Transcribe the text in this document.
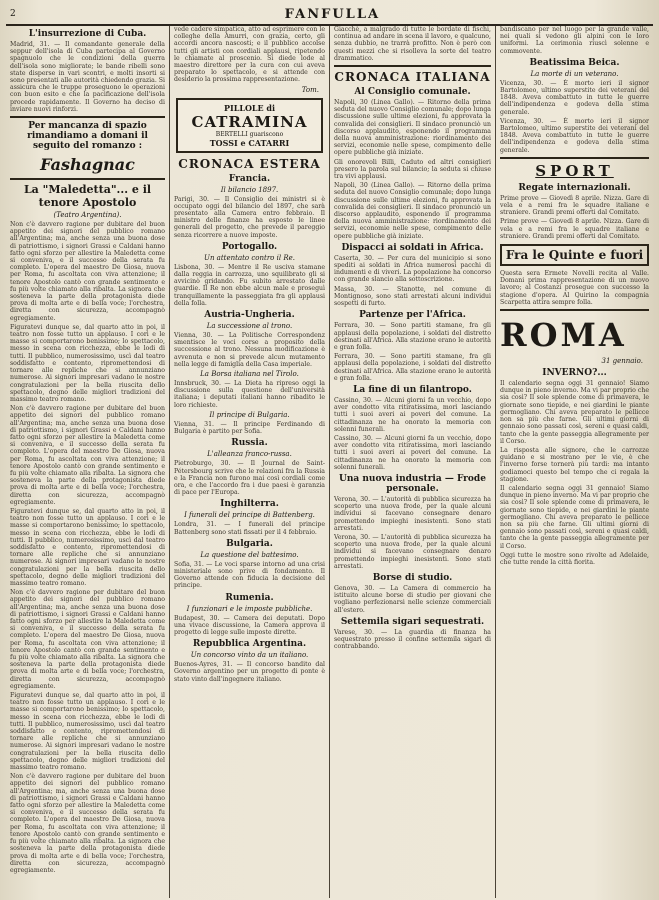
2	FANFULLA
L'insurrezione di Cuba.

Madrid, 31. — Il comandante generale della seppur dell'isola di Cuba partecipa al Governo spagnuolo che le condizioni della guerra dell'isola sono migliorate; le bande ribelli sono state disperse in vari scontri, e molti insorti si sono presentati alle autorità chiedendo grazia. Si assicura che le truppe proseguono le operazioni con buon esito e che la pacificazione dell'isola procede rapidamente. Il Governo ha deciso di inviare nuovi rinforzi.

Per mancanza di spazio rimandiamo a domani il seguito del romanzo :
Fashagnac
La "Maledetta"... e il tenore Apostolo
(Teatro Argentina).

Non c'è davvero ragione per dubitare del buon appetito dei signori del pubblico romano all'Argentina; ma, anche senza una buona dose di patriottismo, i signori Grassi e Caldani hanno fatto ogni sforzo per allestire la Maledetta come si conveniva, e il successo della serata fu completo. L'opera del maestro De Giosa, nuova per Roma, fu ascoltata con viva attenzione; il tenore Apostolo cantò con grande sentimento e fu più volte chiamato alla ribalta. La signora che sosteneva la parte della protagonista diede prova di molta arte e di bella voce; l'orchestra, diretta con sicurezza, accompagnò egregiamente.

Figuratevi dunque se, dal quarto atto in poi, il teatro non fosse tutto un applauso. I cori e le masse si comportarono benissimo; lo spettacolo, messo in scena con ricchezza, ebbe le lodi di tutti. Il pubblico, numerosissimo, uscì dal teatro soddisfatto e contento, ripromettendosi di tornare alle repliche che si annunziano numerose. Ai signori impresari vadano le nostre congratulazioni per la bella riuscita dello spettacolo, degno delle migliori tradizioni del massimo teatro romano.

Non c'è davvero ragione per dubitare del buon appetito dei signori del pubblico romano all'Argentina; ma, anche senza una buona dose di patriottismo, i signori Grassi e Caldani hanno fatto ogni sforzo per allestire la Maledetta come si conveniva, e il successo della serata fu completo. L'opera del maestro De Giosa, nuova per Roma, fu ascoltata con viva attenzione; il tenore Apostolo cantò con grande sentimento e fu più volte chiamato alla ribalta. La signora che sosteneva la parte della protagonista diede prova di molta arte e di bella voce; l'orchestra, diretta con sicurezza, accompagnò egregiamente.

Figuratevi dunque se, dal quarto atto in poi, il teatro non fosse tutto un applauso. I cori e le masse si comportarono benissimo; lo spettacolo, messo in scena con ricchezza, ebbe le lodi di tutti. Il pubblico, numerosissimo, uscì dal teatro soddisfatto e contento, ripromettendosi di tornare alle repliche che si annunziano numerose. Ai signori impresari vadano le nostre congratulazioni per la bella riuscita dello spettacolo, degno delle migliori tradizioni del massimo teatro romano.

Non c'è davvero ragione per dubitare del buon appetito dei signori del pubblico romano all'Argentina; ma, anche senza una buona dose di patriottismo, i signori Grassi e Caldani hanno fatto ogni sforzo per allestire la Maledetta come si conveniva, e il successo della serata fu completo. L'opera del maestro De Giosa, nuova per Roma, fu ascoltata con viva attenzione; il tenore Apostolo cantò con grande sentimento e fu più volte chiamato alla ribalta. La signora che sosteneva la parte della protagonista diede prova di molta arte e di bella voce; l'orchestra, diretta con sicurezza, accompagnò egregiamente.

Figuratevi dunque se, dal quarto atto in poi, il teatro non fosse tutto un applauso. I cori e le masse si comportarono benissimo; lo spettacolo, messo in scena con ricchezza, ebbe le lodi di tutti. Il pubblico, numerosissimo, uscì dal teatro soddisfatto e contento, ripromettendosi di tornare alle repliche che si annunziano numerose. Ai signori impresari vadano le nostre congratulazioni per la bella riuscita dello spettacolo, degno delle migliori tradizioni del massimo teatro romano.

Non c'è davvero ragione per dubitare del buon appetito dei signori del pubblico romano all'Argentina; ma, anche senza una buona dose di patriottismo, i signori Grassi e Caldani hanno fatto ogni sforzo per allestire la Maledetta come si conveniva, e il successo della serata fu completo. L'opera del maestro De Giosa, nuova per Roma, fu ascoltata con viva attenzione; il tenore Apostolo cantò con grande sentimento e fu più volte chiamato alla ribalta. La signora che sosteneva la parte della protagonista diede prova di molta arte e di bella voce; l'orchestra, diretta con sicurezza, accompagnò egregiamente.

vede cadere simpatica, atto ad esprimere con le colleghe della Amurri, con grazia, certo, gli accordi ancora nascosti; e il pubblico accolse tutti gli artisti con cordiali applausi, ripetendo le chiamate al proscenio. Si diede lode al maestro direttore per la cura con cui aveva preparato lo spettacolo, e si attende con desiderio la prossima rappresentazione.

Tom.
PILLOLE di
CATRAMINA
BERTELLI guariscono
TOSSI e CATARRI
CRONACA ESTERA
Francia.
Il bilancio 1897.

Parigi, 30. — Il Consiglio dei ministri si è occupato oggi del bilancio del 1897, che sarà presentato alla Camera entro febbraio. Il ministro delle finanze ha esposto le linee generali del progetto, che prevede il pareggio senza ricorrere a nuove imposte.

Portogallo.
Un attentato contro il Re.

Lisbona, 30. — Mentre il Re usciva stamane dalla reggia in carrozza, uno squilibrato gli si avvicinò gridando. Fu subito arrestato dalle guardie. Il Re non ebbe alcun male e proseguì tranquillamente la passeggiata fra gli applausi della folla.

Austria-Ungheria.
La successione al trono.

Vienna, 30. — La Politische Correspondenz smentisce le voci corse a proposito della successione al trono. Nessuna modificazione è avvenuta e non si prevede alcun mutamento nella legge di famiglia della Casa imperiale.

La Borsa italiana nel Tirolo.

Innsbruck, 30. — La Dieta ha ripreso oggi la discussione sulla questione dell'università italiana; i deputati italiani hanno ribadito le loro richieste.

Il principe di Bulgaria.

Vienna, 31. — Il principe Ferdinando di Bulgaria è partito per Sofia.

Russia.
L'alleanza franco-russa.

Pietroburgo, 30. — Il Journal de Saint-Pétersbourg scrive che le relazioni fra la Russia e la Francia non furono mai così cordiali come ora, e che l'accordo fra i due paesi è garanzia di pace per l'Europa.

Inghilterra.
I funerali del principe di Battenberg.

Londra, 31. — I funerali del principe Battenberg sono stati fissati per il 4 febbraio.

Bulgaria.
La questione del battesimo.

Sofia, 31. — Le voci sparse intorno ad una crisi ministeriale sono prive di fondamento. Il Governo attende con fiducia la decisione del principe.

Rumenia.
I funzionari e le imposte pubbliche.

Budapest, 30. — Camera dei deputati. Dopo una vivace discussione, la Camera approva il progetto di legge sulle imposte dirette.

Repubblica Argentina.
Un concorso vinto da un italiano.

Buenos-Ayres, 31. — Il concorso bandito dal Governo argentino per un progetto di ponte è stato vinto dall'ingegnere italiano.

Giacchè, a malgrado di tutte le bordate di fischi, continua ad andare in scena il lavoro, e qualcuno, senza dubbio, ne trarrà profitto. Non è però con questi mezzi che si risolleva la sorte del teatro drammatico.

CRONACA ITALIANA
Al Consiglio comunale.

Napoli, 30 (Linea Gallo). — Ritorno della prima seduta del nuovo Consiglio comunale; dopo lunga discussione sulle ultime elezioni, fu approvata la convalida dei consiglieri. Il sindaco pronunciò un discorso applaudito, esponendo il programma della nuova amministrazione: riordinamento dei servizi, economie nelle spese, compimento delle opere pubbliche già iniziate.

Gli onorevoli Billi, Caduto ed altri consiglieri presero la parola sul bilancio; la seduta si chiuse tra vivi applausi.

Napoli, 30 (Linea Gallo). — Ritorno della prima seduta del nuovo Consiglio comunale; dopo lunga discussione sulle ultime elezioni, fu approvata la convalida dei consiglieri. Il sindaco pronunciò un discorso applaudito, esponendo il programma della nuova amministrazione: riordinamento dei servizi, economie nelle spese, compimento delle opere pubbliche già iniziate.

Dispacci ai soldati in Africa.

Caserta, 30. — Per cura del municipio si sono spediti ai soldati in Africa numerosi pacchi di indumenti e di viveri. La popolazione ha concorso con grande slancio alla sottoscrizione.

Massa, 30. — Stanotte, nel comune di Montignoso, sono stati arrestati alcuni individui sospetti di furto.

Partenze per l'Africa.

Ferrara, 30. — Sono partiti stamane, fra gli applausi della popolazione, i soldati del distretto destinati all'Africa. Alla stazione erano le autorità e gran folla.

Ferrara, 30. — Sono partiti stamane, fra gli applausi della popolazione, i soldati del distretto destinati all'Africa. Alla stazione erano le autorità e gran folla.

La fine di un filantropo.

Cassino, 30. — Alcuni giorni fa un vecchio, dopo aver condotto vita ritiratissima, morì lasciando tutti i suoi averi ai poveri del comune. La cittadinanza ne ha onorato la memoria con solenni funerali.

Cassino, 30. — Alcuni giorni fa un vecchio, dopo aver condotto vita ritiratissima, morì lasciando tutti i suoi averi ai poveri del comune. La cittadinanza ne ha onorato la memoria con solenni funerali.

Una nuova industria — Frode personale.

Verona, 30. — L'autorità di pubblica sicurezza ha scoperto una nuova frode, per la quale alcuni individui si facevano consegnare denaro promettendo impieghi inesistenti. Sono stati arrestati.

Verona, 30. — L'autorità di pubblica sicurezza ha scoperto una nuova frode, per la quale alcuni individui si facevano consegnare denaro promettendo impieghi inesistenti. Sono stati arrestati.

Borse di studio.

Genova, 30. — La Camera di commercio ha istituito alcune borse di studio per giovani che vogliano perfezionarsi nelle scienze commerciali all'estero.

Settemila sigari sequestrati.

Varese, 30. — La guardia di finanza ha sequestrato presso il confine settemila sigari di contrabbando.

bandiscano per nel luogo per la grande valle, nei quali si vedono gli alpini con le loro uniformi. La cerimonia riuscì solenne e commovente.

Beatissima Beica.
La morte di un veterano.

Vicenza, 30. — È morto ieri il signor Bartolomeo, ultimo superstite dei veterani del 1848. Aveva combattuto in tutte le guerre dell'indipendenza e godeva della stima generale.

Vicenza, 30. — È morto ieri il signor Bartolomeo, ultimo superstite dei veterani del 1848. Aveva combattuto in tutte le guerre dell'indipendenza e godeva della stima generale.

SPORT
Regate internazionali.

Prime prove — Giovedì 8 aprile. Nizza. Gare di vela e a remi fra le squadre italiane e straniere. Grandi premi offerti dal Comitato.

Prime prove — Giovedì 8 aprile. Nizza. Gare di vela e a remi fra le squadre italiane e straniere. Grandi premi offerti dal Comitato.

Fra le Quinte e fuori

Questa sera Ermete Novelli recita al Valle. Domani prima rappresentazione di un nuovo lavoro; al Costanzi prosegue con successo la stagione d'opera. Al Quirino la compagnia Scarpetta attira sempre folla.

ROMA
31 gennaio.
INVERNO?...

Il calendario segna oggi 31 gennaio! Siamo dunque in pieno inverno. Ma vi par proprio che sia così? Il sole splende come di primavera, le giornate sono tiepide, e nei giardini le piante germogliano. Chi aveva preparato le pellicce non sa più che farne. Gli ultimi giorni di gennaio sono passati così, sereni e quasi caldi, tanto che la gente passeggia allegramente per il Corso.

La risposta alle signore, che le carrozze guidano e si mostrano per le vie, è che l'inverno forse tornerà più tardi: ma intanto godiamoci questo bel tempo che ci regala la stagione.

Il calendario segna oggi 31 gennaio! Siamo dunque in pieno inverno. Ma vi par proprio che sia così? Il sole splende come di primavera, le giornate sono tiepide, e nei giardini le piante germogliano. Chi aveva preparato le pellicce non sa più che farne. Gli ultimi giorni di gennaio sono passati così, sereni e quasi caldi, tanto che la gente passeggia allegramente per il Corso.

Oggi tutte le mostre sono rivolte ad Adelaide, che tutte rende la città fiorita.
